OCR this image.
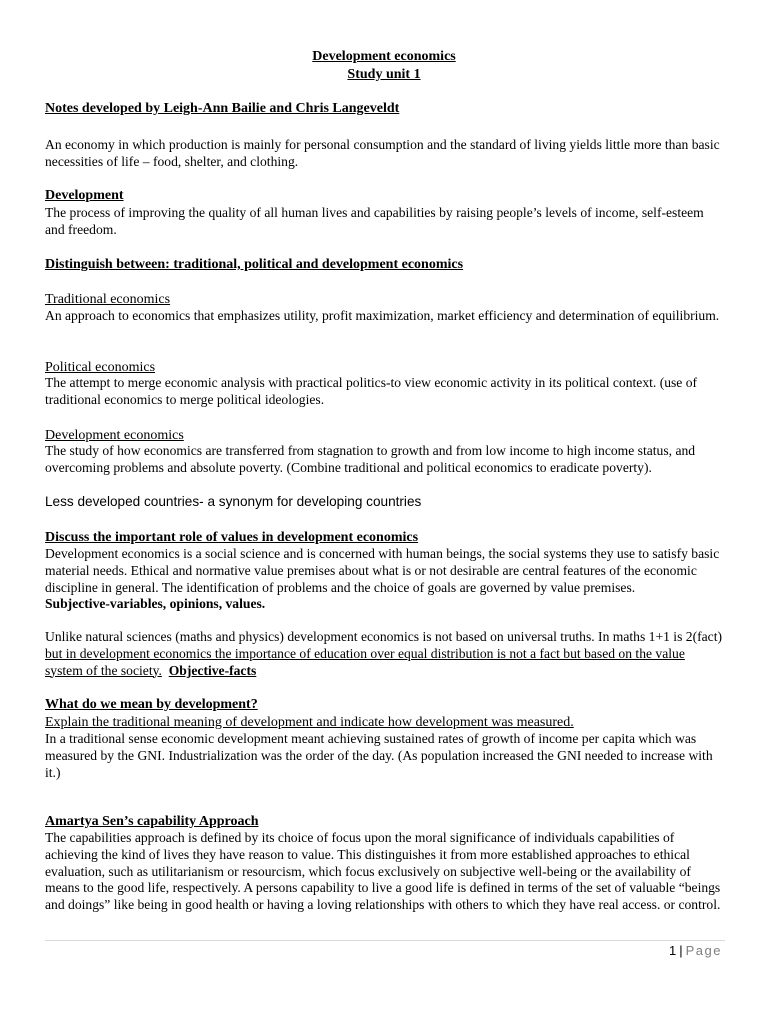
Development economics
Study unit 1
Notes developed by Leigh-Ann Bailie and Chris Langeveldt

An economy in which production is mainly for personal consumption and the standard of living yields little more than basic necessities of life – food, shelter, and clothing.

Development

The process of improving the quality of all human lives and capabilities by raising people’s levels of income, self-esteem and freedom.

Distinguish between: traditional, political and development economics
Traditional economics

An approach to economics that emphasizes utility, profit maximization, market efficiency and determination of equilibrium.

Political economics

The attempt to merge economic analysis with practical politics-to view economic activity in its political context. (use of traditional economics to merge political ideologies.

Development economics

The study of how economics are transferred from stagnation to growth and from low income to high income status, and overcoming problems and absolute poverty. (Combine traditional and political economics to eradicate poverty).

Less developed countries- a synonym for developing countries
Discuss the important role of values in development economics

Development economics is a social science and is concerned with human beings, the social systems they use to satisfy basic material needs. Ethical and normative value premises about what is or not desirable are central features of the economic discipline in general. The identification of problems and the choice of goals are governed by value premises.
Subjective-variables, opinions, values.

Unlike natural sciences (maths and physics) development economics is not based on universal truths. In maths 1+1 is 2(fact) but in development economics the importance of education over equal distribution is not a fact but based on the value system of the society. Objective-facts

What do we mean by development?
Explain the traditional meaning of development and indicate how development was measured.

In a traditional sense economic development meant achieving sustained rates of growth of income per capita which was measured by the GNI. Industrialization was the order of the day. (As population increased the GNI needed to increase with it.)

Amartya Sen’s capability Approach

The capabilities approach is defined by its choice of focus upon the moral significance of individuals capabilities of achieving the kind of lives they have reason to value. This distinguishes it from more established approaches to ethical evaluation, such as utilitarianism or resourcism, which focus exclusively on subjective well-being or the availability of means to the good life, respectively. A persons capability to live a good life is defined in terms of the set of valuable “beings and doings” like being in good health or having a loving relationships with others to which they have real access. or control.

1 | Page
